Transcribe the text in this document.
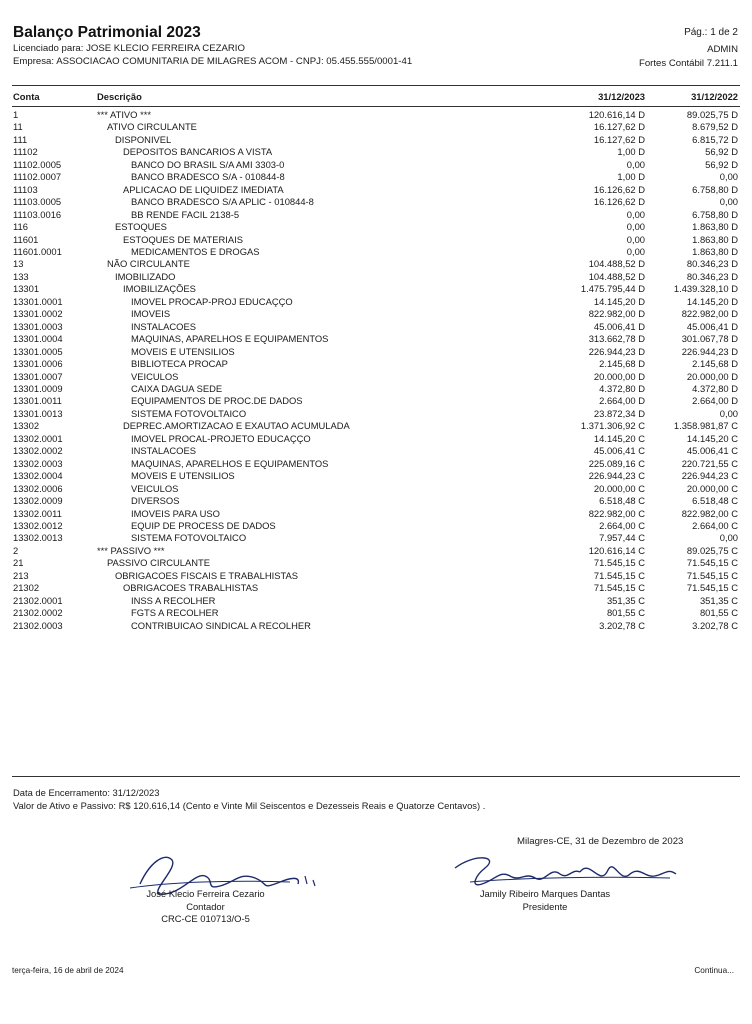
Balanço Patrimonial 2023	Pág.: 1 de 2
Licenciado para: JOSE KLECIO FERREIRA CEZARIO
Empresa: ASSOCIACAO COMUNITARIA DE MILAGRES ACOM - CNPJ: 05.455.555/0001-41
ADMIN
Fortes Contábil 7.211.1
Conta	Descrição	31/12/2023	31/12/2022
1	*** ATIVO ***	120.616,14 D	89.025,75 D
11	ATIVO CIRCULANTE	16.127,62 D	8.679,52 D
111	DISPONIVEL	16.127,62 D	6.815,72 D
11102	DEPOSITOS BANCARIOS A VISTA	1,00 D	56,92 D
11102.0005	BANCO DO BRASIL S/A AMI 3303-0	0,00	56,92 D
11102.0007	BANCO BRADESCO S/A - 010844-8	1,00 D	0,00
11103	APLICACAO DE LIQUIDEZ IMEDIATA	16.126,62 D	6.758,80 D
11103.0005	BANCO BRADESCO S/A APLIC - 010844-8	16.126,62 D	0,00
11103.0016	BB RENDE FACIL 2138-5	0,00	6.758,80 D
116	ESTOQUES	0,00	1.863,80 D
11601	ESTOQUES DE MATERIAIS	0,00	1.863,80 D
11601.0001	MEDICAMENTOS E DROGAS	0,00	1.863,80 D
13	NÃO CIRCULANTE	104.488,52 D	80.346,23 D
133	IMOBILIZADO	104.488,52 D	80.346,23 D
13301	IMOBILIZAÇÕES	1.475.795,44 D	1.439.328,10 D
13301.0001	IMOVEL PROCAP-PROJ EDUCAÇÇO	14.145,20 D	14.145,20 D
13301.0002	IMOVEIS	822.982,00 D	822.982,00 D
13301.0003	INSTALACOES	45.006,41 D	45.006,41 D
13301.0004	MAQUINAS, APARELHOS E EQUIPAMENTOS	313.662,78 D	301.067,78 D
13301.0005	MOVEIS E UTENSILIOS	226.944,23 D	226.944,23 D
13301.0006	BIBLIOTECA PROCAP	2.145,68 D	2.145,68 D
13301.0007	VEICULOS	20.000,00 D	20.000,00 D
13301.0009	CAIXA DAGUA SEDE	4.372,80 D	4.372,80 D
13301.0011	EQUIPAMENTOS DE PROC.DE DADOS	2.664,00 D	2.664,00 D
13301.0013	SISTEMA FOTOVOLTAICO	23.872,34 D	0,00
13302	DEPREC.AMORTIZACAO E EXAUTAO ACUMULADA	1.371.306,92 C	1.358.981,87 C
13302.0001	IMOVEL PROCAL-PROJETO EDUCAÇÇO	14.145,20 C	14.145,20 C
13302.0002	INSTALACOES	45.006,41 C	45.006,41 C
13302.0003	MAQUINAS, APARELHOS E EQUIPAMENTOS	225.089,16 C	220.721,55 C
13302.0004	MOVEIS E UTENSILIOS	226.944,23 C	226.944,23 C
13302.0006	VEICULOS	20.000,00 C	20.000,00 C
13302.0009	DIVERSOS	6.518,48 C	6.518,48 C
13302.0011	IMOVEIS PARA USO	822.982,00 C	822.982,00 C
13302.0012	EQUIP DE PROCESS DE DADOS	2.664,00 C	2.664,00 C
13302.0013	SISTEMA FOTOVOLTAICO	7.957,44 C	0,00
2	*** PASSIVO ***	120.616,14 C	89.025,75 C
21	PASSIVO CIRCULANTE	71.545,15 C	71.545,15 C
213	OBRIGACOES FISCAIS E TRABALHISTAS	71.545,15 C	71.545,15 C
21302	OBRIGACOES TRABALHISTAS	71.545,15 C	71.545,15 C
21302.0001	INSS A RECOLHER	351,35 C	351,35 C
21302.0002	FGTS A RECOLHER	801,55 C	801,55 C
21302.0003	CONTRIBUICAO SINDICAL A RECOLHER	3.202,78 C	3.202,78 C
Data de Encerramento: 31/12/2023
Valor de Ativo e Passivo: R$ 120.616,14 (Cento e Vinte Mil Seiscentos e Dezesseis Reais e Quatorze Centavos) .
Milagres-CE, 31 de Dezembro de 2023
José Klecio Ferreira Cezario
Contador
CRC-CE 010713/O-5
Jamily Ribeiro Marques Dantas
Presidente
terça-feira, 16 de abril de 2024	Continua...
